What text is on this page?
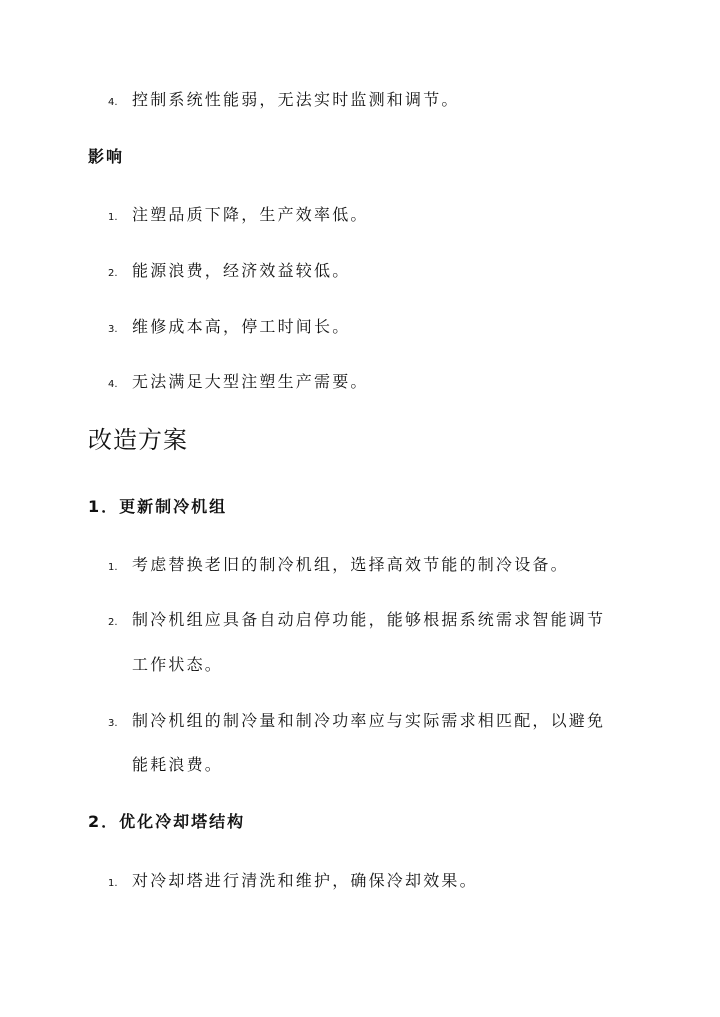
4. 控制系统性能弱，无法实时监测和调节。
影响
1. 注塑品质下降，生产效率低。
2. 能源浪费，经济效益较低。
3. 维修成本高，停工时间长。
4. 无法满足大型注塑生产需要。
改造方案
1．更新制冷机组
1. 考虑替换老旧的制冷机组，选择高效节能的制冷设备。
2. 制冷机组应具备自动启停功能，能够根据系统需求智能调节
工作状态。
3. 制冷机组的制冷量和制冷功率应与实际需求相匹配，以避免
能耗浪费。
2．优化冷却塔结构
1. 对冷却塔进行清洗和维护，确保冷却效果。
